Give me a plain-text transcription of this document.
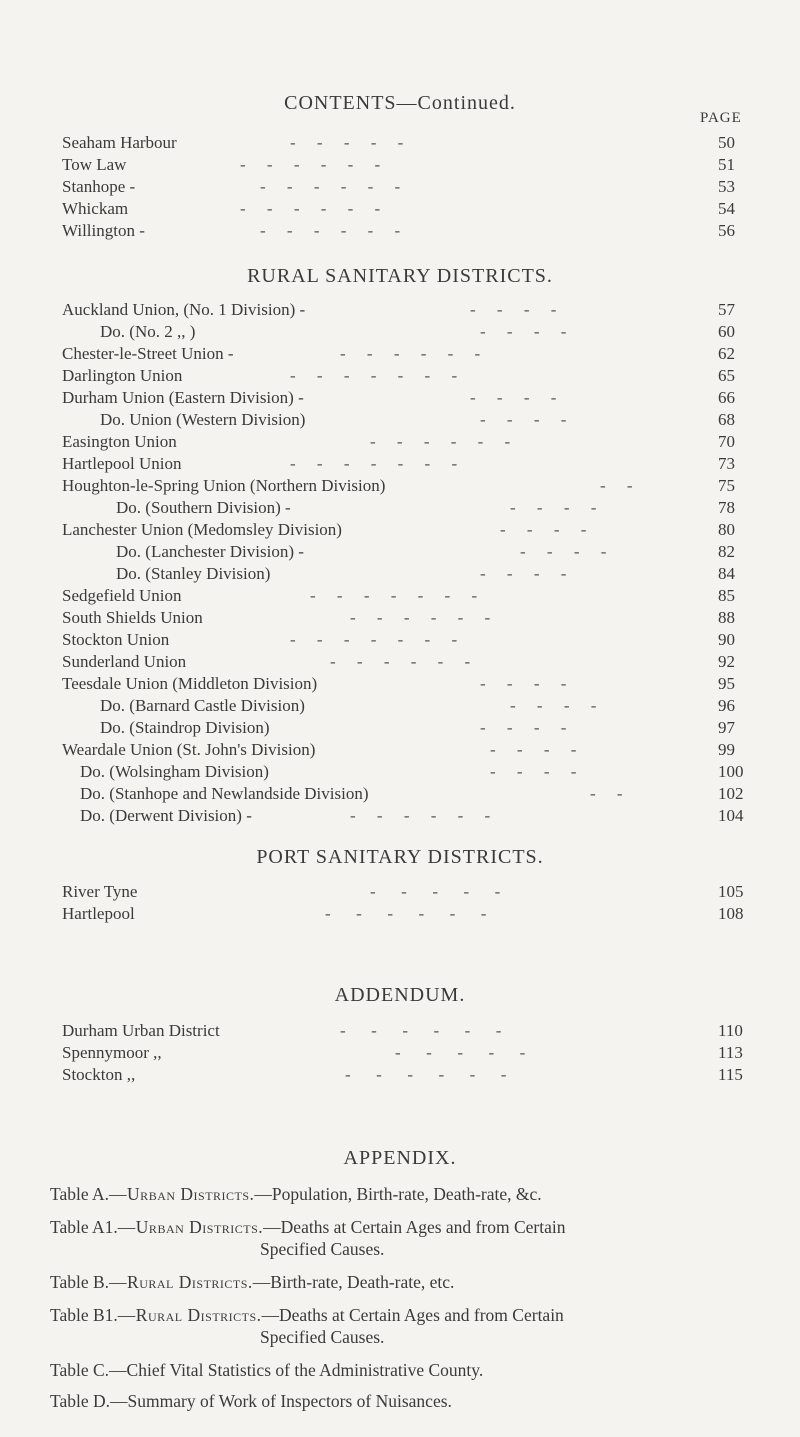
CONTENTS—Continued.
PAGE
Seaham Harbour	-     -     -     -     -	50
Tow Law	-     -     -     -     -     -	51
Stanhope -	-     -     -     -     -     -	53
Whickam	-     -     -     -     -     -	54
Willington -	-     -     -     -     -     -	56
RURAL SANITARY DISTRICTS.
Auckland Union, (No. 1 Division) -	-     -     -     -	57
Do. (No. 2 ,, )	-     -     -     -	60
Chester-le-Street Union -	-     -     -     -     -     -	62
Darlington Union	-     -     -     -     -     -     -	65
Durham Union (Eastern Division) -	-     -     -     -	66
Do. Union (Western Division)	-     -     -     -	68
Easington Union	-     -     -     -     -     -	70
Hartlepool Union	-     -     -     -     -     -     -	73
Houghton-le-Spring Union (Northern Division)	-     -	75
Do. (Southern Division) -	-     -     -     -	78
Lanchester Union (Medomsley Division)	-     -     -     -	80
Do. (Lanchester Division) -	-     -     -     -	82
Do. (Stanley Division)	-     -     -     -	84
Sedgefield Union	-     -     -     -     -     -     -	85
South Shields Union	-     -     -     -     -     -	88
Stockton Union	-     -     -     -     -     -     -	90
Sunderland Union	-     -     -     -     -     -	92
Teesdale Union (Middleton Division)	-     -     -     -	95
Do. (Barnard Castle Division)	-     -     -     -	96
Do. (Staindrop Division)	-     -     -     -	97
Weardale Union (St. John's Division)	-     -     -     -	99
Do. (Wolsingham Division)	-     -     -     -	100
Do. (Stanhope and Newlandside Division)	-     -	102
Do. (Derwent Division) -	-     -     -     -     -     -	104
PORT SANITARY DISTRICTS.
River Tyne	-      -      -      -      -	105
Hartlepool	-      -      -      -      -      -	108
ADDENDUM.
Durham Urban District	-      -      -      -      -      -	110
Spennymoor ,,	-      -      -      -      -	113
Stockton ,,	-      -      -      -      -      -	115
APPENDIX.
Table A.—Urban Districts.—Population, Birth-rate, Death-rate, &c.
Table A1.—Urban Districts.—Deaths at Certain Ages and from Certain
Specified Causes.
Table B.—Rural Districts.—Birth-rate, Death-rate, etc.
Table B1.—Rural Districts.—Deaths at Certain Ages and from Certain
Specified Causes.
Table C.—Chief Vital Statistics of the Administrative County.
Table D.—Summary of Work of Inspectors of Nuisances.
